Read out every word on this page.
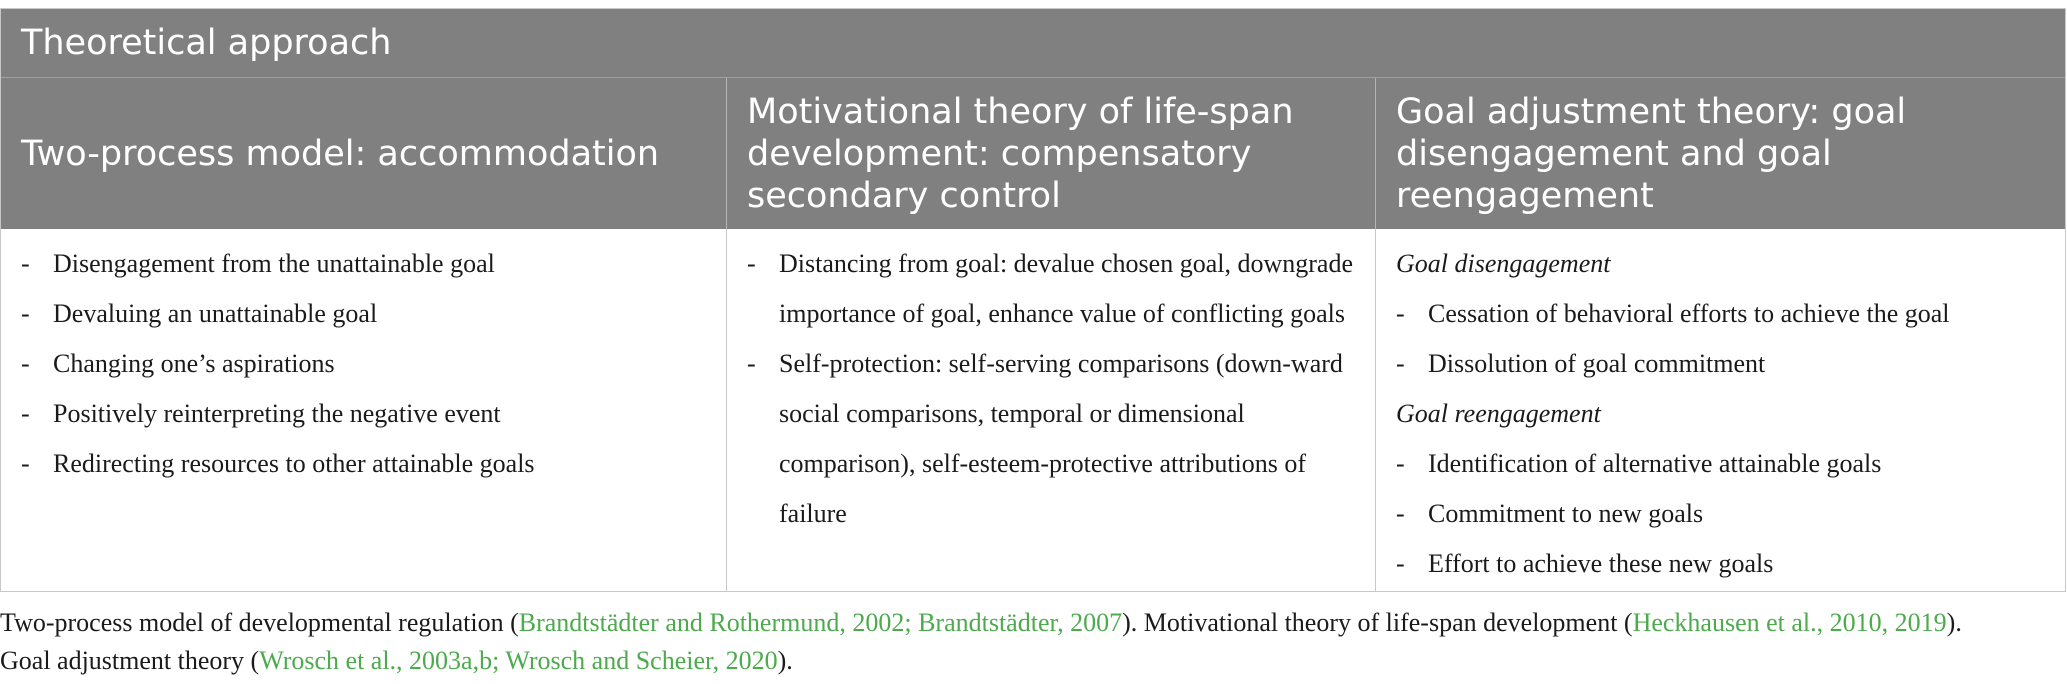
Theoretical approach
Two-process model: accommodation
Motivational theory of life-span development: compensatory secondary control
Goal adjustment theory: goal disengagement and goal reengagement
- Disengagement from the unattainable goal
- Devaluing an unattainable goal
- Changing one’s aspirations
- Positively reinterpreting the negative event
- Redirecting resources to other attainable goals
- Distancing from goal: devalue chosen goal, downgrade importance of goal, enhance value of conflicting goals
- Self-protection: self-serving comparisons (down-ward social comparisons, temporal or dimensional comparison), self-esteem-protective attributions of failure
Goal disengagement
- Cessation of behavioral efforts to achieve the goal
- Dissolution of goal commitment
Goal reengagement
- Identification of alternative attainable goals
- Commitment to new goals
- Effort to achieve these new goals
Two-process model of developmental regulation (Brandtstädter and Rothermund, 2002; Brandtstädter, 2007). Motivational theory of life-span development (Heckhausen et al., 2010, 2019).
Goal adjustment theory (Wrosch et al., 2003a,b; Wrosch and Scheier, 2020).
